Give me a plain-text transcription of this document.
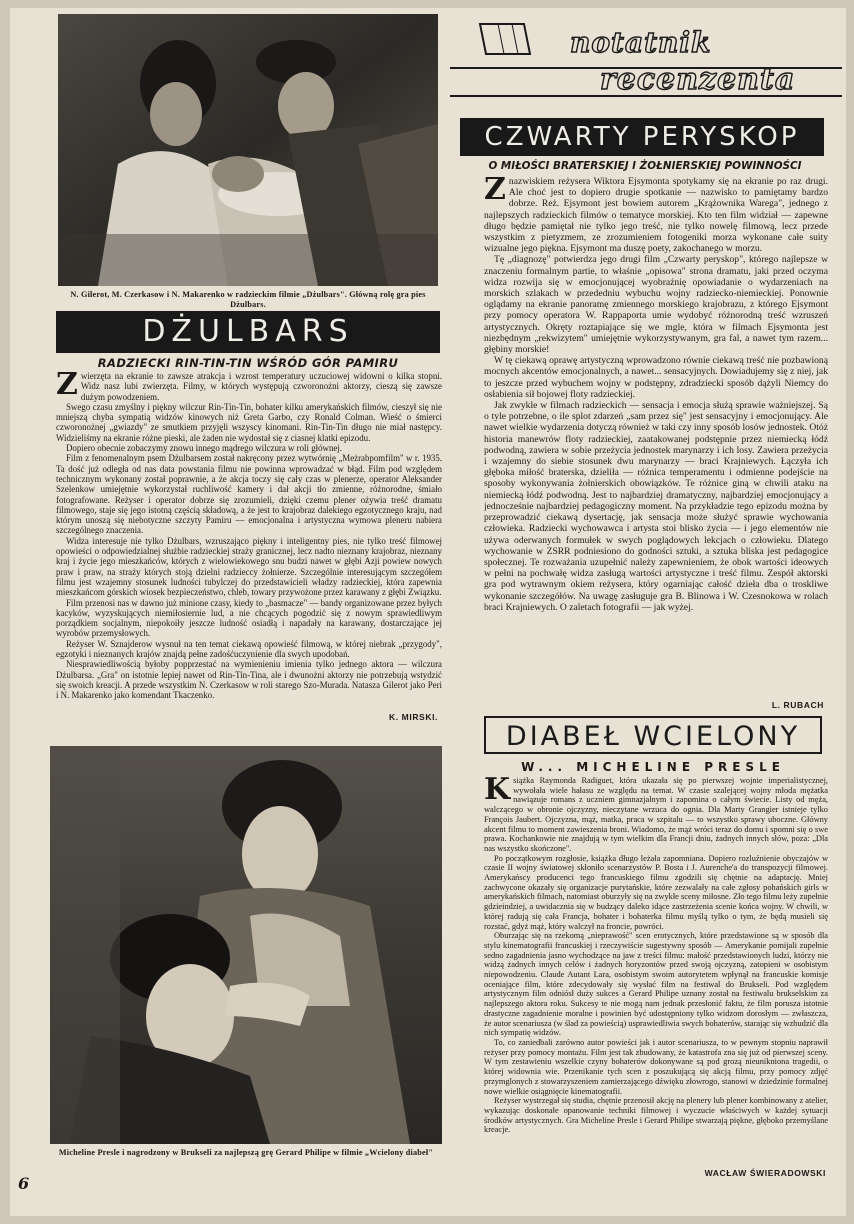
N. Gilerot, M. Czerkasow i N. Makarenko w radzieckim filmie „Dżulbars". Główną rolę gra pies Dżulbars.
DŻULBARS
RADZIECKI RIN-TIN-TIN WŚRÓD GÓR PAMIRU

Zwierzęta na ekranie to zawsze atrakcja i wzrost temperatury uczuciowej widowni o kilka stopni. Widz nasz lubi zwierzęta. Filmy, w których występują czworonożni aktorzy, cieszą się zawsze dużym powodzeniem.

Swego czasu zmyślny i piękny wilczur Rin-Tin-Tin, bohater kilku amerykańskich filmów, cieszył się nie mniejszą chyba sympatią widzów kinowych niż Greta Garbo, czy Ronald Colman. Wieść o śmierci czworonożnej „gwiazdy" ze smutkiem przyjęli wszyscy kinomani. Rin-Tin-Tin długo nie miał następcy. Widzieliśmy na ekranie różne pieski, ale żaden nie wydostał się z ciasnej klatki epizodu.

Dopiero obecnie zobaczymy znowu innego mądrego wilczura w roli głównej.

Film z fenomenalnym psem Dżulbarsem został nakręcony przez wytwórnię „Meżrabpomfilm" w r. 1935. Ta dość już odległa od nas data powstania filmu nie powinna wprowadzać w błąd. Film pod względem technicznym wykonany został poprawnie, a że akcja toczy się cały czas w plenerze, operator Aleksander Szelenkow umiejętnie wykorzystał ruchliwość kamery i dał akcji tło zmienne, różnorodne, śmiało fotografowane. Reżyser i operator dobrze się zrozumieli, dzięki czemu plener ożywia treść dramatu filmowego, staje się jego istotną częścią składową, a że jest to krajobraz dalekiego egzotycznego kraju, nad którym unoszą się niebotyczne szczyty Pamiru — emocjonalna i artystyczna wymowa pleneru nabiera szczególnego znaczenia.

Widza interesuje nie tylko Dżulbars, wzruszająco piękny i inteligentny pies, nie tylko treść filmowej opowieści o odpowiedzialnej służbie radzieckiej straży granicznej, lecz nadto nieznany krajobraz, nieznany kraj i życie jego mieszkańców, których z wielowiekowego snu budzi nawet w głębi Azji powiew nowych praw i praw, na straży których stoją dzielni radzieccy żołnierze. Szczególnie interesującym szczegółem filmu jest wzajemny stosunek ludności tubylczej do przedstawicieli władzy radzieckiej, która zapewnia mieszkańcom górskich wiosek bezpieczeństwo, chleb, towary przywożone przez karawany z głębi Związku.

Film przenosi nas w dawno już minione czasy, kiedy to „basmacze" — bandy organizowane przez byłych kacyków, wyzyskujących niemiłosiernie lud, a nie chcących pogodzić się z nowym sprawiedliwym porządkiem socjalnym, niepokoiły jeszcze ludność osiadłą i napadały na karawany, dostarczające jej wyrobów przemysłowych.

Reżyser W. Sznajderow wysnuł na ten temat ciekawą opowieść filmową, w której niebrak „przygody", egzotyki i nieznanych krajów znajdą pełne zadośćuczynienie dla swych upodobań.

Niesprawiedliwością byłoby popprzestać na wymienieniu imienia tylko jednego aktora — wilczura Dżulbarsa. „Gra" on istotnie lepiej nawet od Rin-Tin-Tina, ale i dwunożni aktorzy nie potrzebują wstydzić się swoich kreacji. A przede wszystkim N. Czerkasow w roli starego Szo-Murada. Natasza Gilerot jako Peri i N. Makarenko jako komendant Tkaczenko.

K. MIRSKI.
Micheline Presle i nagrodzony w Brukseli za najlepszą grę Gerard Philipe w filmie „Wcielony diabeł"
6
notatnik
recenzenta
CZWARTY PERYSKOP
O MIŁOŚCI BRATERSKIEJ I ŻOŁNIERSKIEJ POWINNOŚCI

Znazwiskiem reżysera Wiktora Ejsymonta spotykamy się na ekranie po raz drugi. Ale choć jest to dopiero drugie spotkanie — nazwisko to pamiętamy bardzo dobrze. Reż. Ejsymont jest bowiem autorem „Krążownika Warega", jednego z najlepszych radzieckich filmów o tematyce morskiej. Kto ten film widział — zapewne długo będzie pamiętał nie tylko jego treść, nie tylko nowelę filmową, lecz przede wszystkim z pietyzmem, ze zrozumieniem fotogeniki morza wykonane całe suity wizualne jego piękna. Ejsymont ma duszę poety, zakochanego w morzu.

Tę „diagnozę" potwierdza jego drugi film „Czwarty peryskop", którego najlepsze w znaczeniu formalnym partie, to właśnie „opisowa" strona dramatu, jaki przed oczyma widza rozwija się w emocjonującej wyobraźnię opowiadanie o wydarzeniach na morskich szlakach w przededniu wybuchu wojny radziecko-niemieckiej. Ponownie oglądamy na ekranie panoramę zmiennego morskiego krajobrazu, z którego Ejsymont przy pomocy operatora W. Rappaporta umie wydobyć różnorodną treść wzruszeń artystycznych. Okręty roztapiające się we mgle, która w filmach Ejsymonta jest niezbędnym „rekwizytem" umiejętnie wykorzystywanym, gra fal, a nawet tym razem... głębiny morskie!

W tę ciekawą oprawę artystyczną wprowadzono równie ciekawą treść nie pozbawioną mocnych akcentów emocjonalnych, a nawet... sensacyjnych. Dowiadujemy się z niej, jak to jeszcze przed wybuchem wojny w podstępny, zdradziecki sposób dążyli Niemcy do osłabienia sił bojowej floty radzieckiej.

Jak zwykle w filmach radzieckich — sensacja i emocja służą sprawie ważniejszej. Są o tyle potrzebne, o ile splot zdarzeń „sam przez się" jest sensacyjny i emocjonujący. Ale nawet wielkie wydarzenia dotyczą również w taki czy inny sposób losów jednostek. Otóż historia manewrów floty radzieckiej, zaatakowanej podstępnie przez niemiecką łódź podwodną, zawiera w sobie przeżycia jednostek marynarzy i ich losy. Zawiera przeżycia i wzajemny do siebie stosunek dwu marynarzy — braci Krajniewych. Łączyła ich głęboka miłość braterska, dzieliła — różnica temperamentu i odmienne podejście na sposoby wykonywania żołnierskich obowiązków. Te różnice giną w chwili ataku na niemiecką łódź podwodną. Jest to najbardziej dramatyczny, najbardziej emocjonujący a jednocześnie najbardziej pedagogiczny moment. Na przykładzie tego epizodu można by przeprowadzić ciekawą dysertację, jak sensacja może służyć sprawie wychowania człowieka. Radziecki wychowawca i artysta stoi blisko życia — i jego elementów nie używa oderwanych formułek w swych poglądowych lekcjach o człowieku. Dlatego wychowanie w ZSRR podniesiono do godności sztuki, a sztuka bliska jest pedagogice społecznej. Te rozważania uzupełnić należy zapewnieniem, że obok wartości ideowych w pełni na pochwałę widza zasługą wartości artystyczne i treść filmu. Zespół aktorski gra pod wytrawnym okiem reżysera, który ogarniając całość dzieła dba o troskliwe wykonanie szczegółów. Na uwagę zasługuje gra B. Blinowa i W. Czesnokowa w rolach braci Krajniewych. O zaletach fotografii — jak wyżej.

L. RUBACH
DIABEŁ WCIELONY
W... MICHELINE PRESLE

Książka Raymonda Radiguet, która ukazała się po pierwszej wojnie imperialistycznej, wywołała wiele hałasu ze względu na temat. W czasie szalejącej wojny młoda mężatka nawiązuje romans z uczniem gimnazjalnym i zapomina o całym świecie. Listy od męża, walczącego w obronie ojczyzny, nieczytane wrzuca do ognia. Dla Marty Grangier istnieje tylko François Jaubert. Ojczyzna, mąż, matka, praca w szpitalu — to wszystko sprawy uboczne. Główny akcent filmu to moment zawieszenia broni. Wiadomo, że mąż wróci teraz do domu i spomni się o swe prawa. Kochankowie nie znajdują w tym wielkim dla Francji dniu, żadnych innych słów, poza: „Dla nas wszystko skończone".

Po początkowym rozgłosie, książka długo leżała zapomniana. Dopiero rozluźnienie obyczajów w czasie II wojny światowej skłoniło scenarzystów P. Bosta i J. Aurenche'a do transpozycji filmowej. Amerykańscy producenci tego francuskiego filmu zgodzili się chętnie na adaptację. Mniej zachwycone okazały się organizacje purytańskie, które zezwalały na całe zgłosy pohańskich girls w amerykańskich filmach, natomiast oburzyły się na zwykłe sceny miłosne. Zło tego filmu leży zupełnie gdzieindziej, a uwidacznia się w budzący daleko idące zastrzeżenia scenie końca wojny. W chwili, w której radują się cała Francja, bohater i bohaterka filmu myślą tylko o tym, że będą musieli się rozstać, gdyż mąż, który walczył na froncie, powróci.

Oburzając się na rzekomą „nieprawość" scen erotycznych, które przedstawione są w sposób dla stylu kinematografii francuskiej i rzeczywiście sugestywny sposób — Amerykanie pomijali zupełnie sedno zagadnienia jasno wychodzące na jaw z treści filmu: małość przedstawionych ludzi, którzy nie widzą żadnych innych celów i żadnych horyzontów przed swoją ojczyzną, zatopieni w osobistym niepowodzeniu. Claude Autant Lara, osobistym swoim autorytetem wpłynął na francuskie komisje oceniające film, które zdecydowały się wysłać film na festiwal do Brukseli. Pod względem artystycznym film odniósł duży sukces a Gerard Philipe uznany został na festiwalu brukselskim za najlepszego aktora roku. Sukcesy te nie mogą nam jednak przesłonić faktu, że film porusza istotnie drastyczne zagadnienie moralne i powinien być udostępniony tylko widzom dorosłym — zwłaszcza, że autor scenariusza (w ślad za powieścią) usprawiedliwia swych bohaterów, starając się wzbudzić dla nich sympatię widzów.

To, co zaniedbali zarówno autor powieści jak i autor scenariusza, to w pewnym stopniu naprawił reżyser przy pomocy montażu. Film jest tak zbudowany, że katastrofa zna się już od pierwszej sceny. W tym zestawieniu wszelkie czyny bohaterów dokonywane są pod grozą nieunikniona tragedii, o której widownia wie. Przenikanie tych scen z poszukującą się akcją filmu, przy pomocy zdjęć przymglonych z stowarzyszeniem zamierzającego dźwięku złowrogo, stanowi w dziedzinie formalnej nowe wielkie osiągnięcie kinematografii.

Reżyser wystrzegał się studia, chętnie przenosił akcję na plenery lub plener kombinowany z atelier, wykazując doskonałe opanowanie techniki filmowej i wyczucie właściwych w każdej sytuacji środków artystycznych. Gra Micheline Presle i Gerard Philipe stwarzają piękne, głęboko przemyślane kreacje.

WACŁAW ŚWIERADOWSKI
